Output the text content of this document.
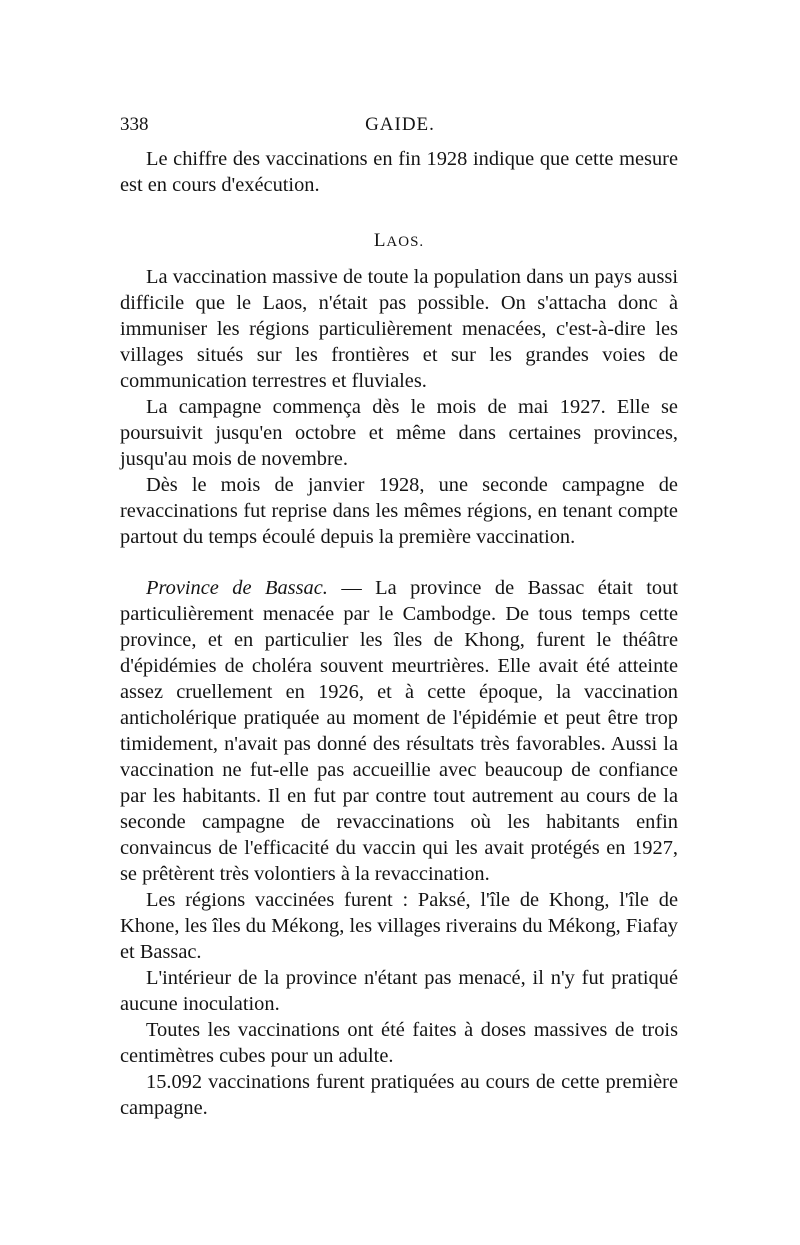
338	GAIDE.

Le chiffre des vaccinations en fin 1928 indique que cette mesure est en cours d'exécution.

LAOS.

La vaccination massive de toute la population dans un pays aussi difficile que le Laos, n'était pas possible. On s'attacha donc à immuniser les régions particulièrement menacées, c'est-à-dire les villages situés sur les frontières et sur les grandes voies de communication terrestres et fluviales.

La campagne commença dès le mois de mai 1927. Elle se poursuivit jusqu'en octobre et même dans certaines provinces, jusqu'au mois de novembre.

Dès le mois de janvier 1928, une seconde campagne de revaccinations fut reprise dans les mêmes régions, en tenant compte partout du temps écoulé depuis la première vaccination.

Province de Bassac. — La province de Bassac était tout particulièrement menacée par le Cambodge. De tous temps cette province, et en particulier les îles de Khong, furent le théâtre d'épidémies de choléra souvent meurtrières. Elle avait été atteinte assez cruellement en 1926, et à cette époque, la vaccination anticholérique pratiquée au moment de l'épidémie et peut être trop timidement, n'avait pas donné des résultats très favorables. Aussi la vaccination ne fut-elle pas accueillie avec beaucoup de confiance par les habitants. Il en fut par contre tout autrement au cours de la seconde campagne de revaccinations où les habitants enfin convaincus de l'efficacité du vaccin qui les avait protégés en 1927, se prêtèrent très volontiers à la revaccination.

Les régions vaccinées furent : Paksé, l'île de Khong, l'île de Khone, les îles du Mékong, les villages riverains du Mékong, Fiafay et Bassac.

L'intérieur de la province n'étant pas menacé, il n'y fut pratiqué aucune inoculation.

Toutes les vaccinations ont été faites à doses massives de trois centimètres cubes pour un adulte.

15.092 vaccinations furent pratiquées au cours de cette première campagne.
